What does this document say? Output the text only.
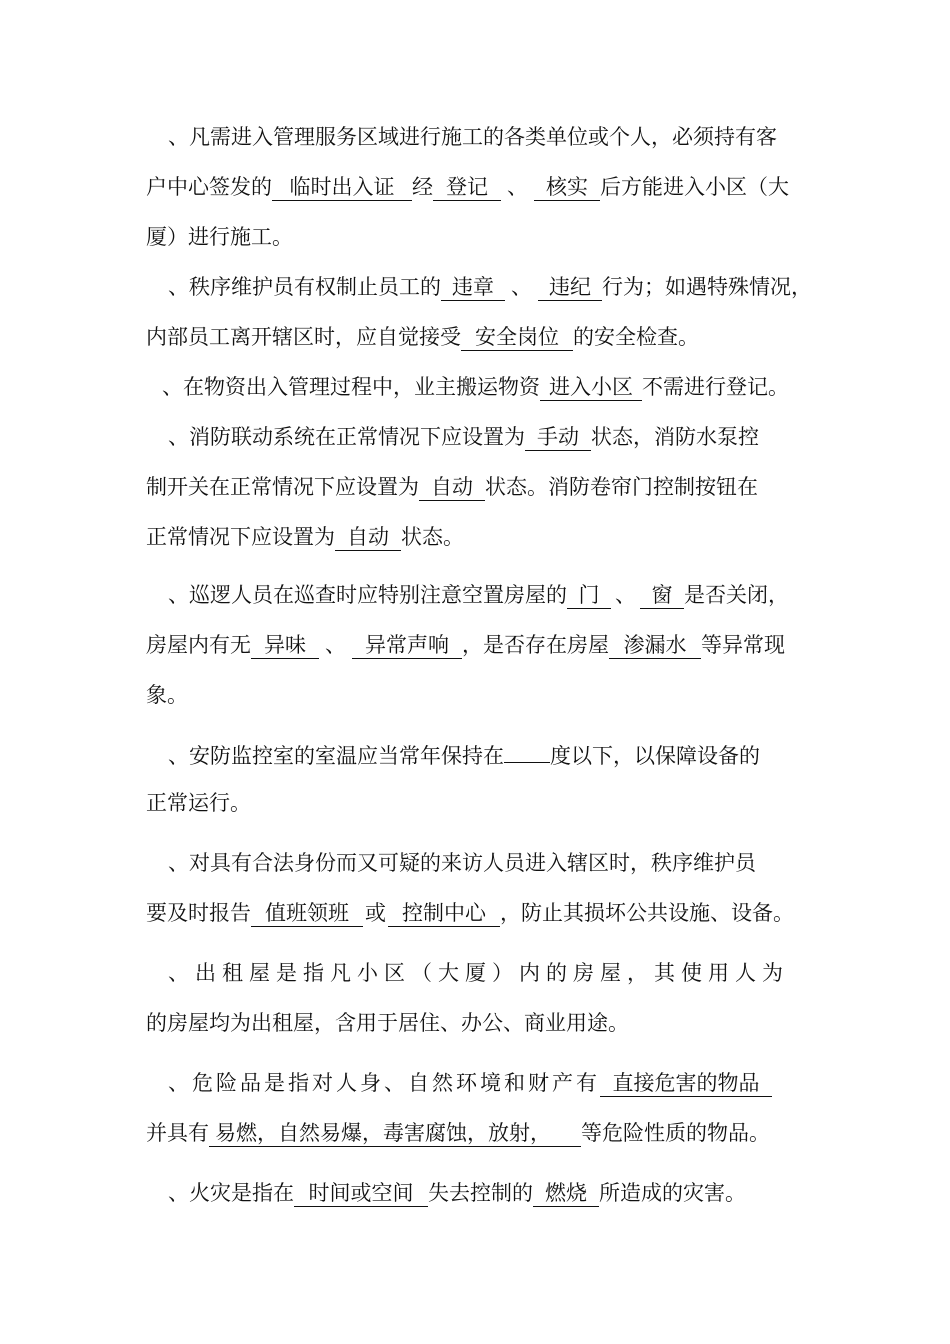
、凡需进入管理服务区域进行施工的各类单位或个人，必须持有客
户中心签发的 临时出入证 经 登记 、 核实 后方能进入小区（大
厦）进行施工。
、秩序维护员有权制止员工的 违章 、 违纪 行为；如遇特殊情况，
内部员工离开辖区时，应自觉接受 安全岗位 的安全检查。
、在物资出入管理过程中，业主搬运物资 进入小区 不需进行登记。
、消防联动系统在正常情况下应设置为 手动 状态，消防水泵控
制开关在正常情况下应设置为 自动 状态。消防卷帘门控制按钮在
正常情况下应设置为 自动 状态。
、巡逻人员在巡查时应特别注意空置房屋的 门 、 窗 是否关闭，
房屋内有无 异味 、 异常声响 ，是否存在房屋 渗漏水 等异常现
象。
、安防监控室的室温应当常年保持在 度以下，以保障设备的
正常运行。
、对具有合法身份而又可疑的来访人员进入辖区时，秩序维护员
要及时报告 值班领班 或 控制中心 ，防止其损坏公共设施、设备。
、出租屋是指凡小区（大厦）内的房屋，其使用人为
的房屋均为出租屋，含用于居住、办公、商业用途。
、危险品是指对人身、自然环境和财产有 直接危害的物品
并具有 易燃，自然易爆，毒害腐蚀，放射， 等危险性质的物品。
、火灾是指在 时间或空间 失去控制的 燃烧 所造成的灾害。
